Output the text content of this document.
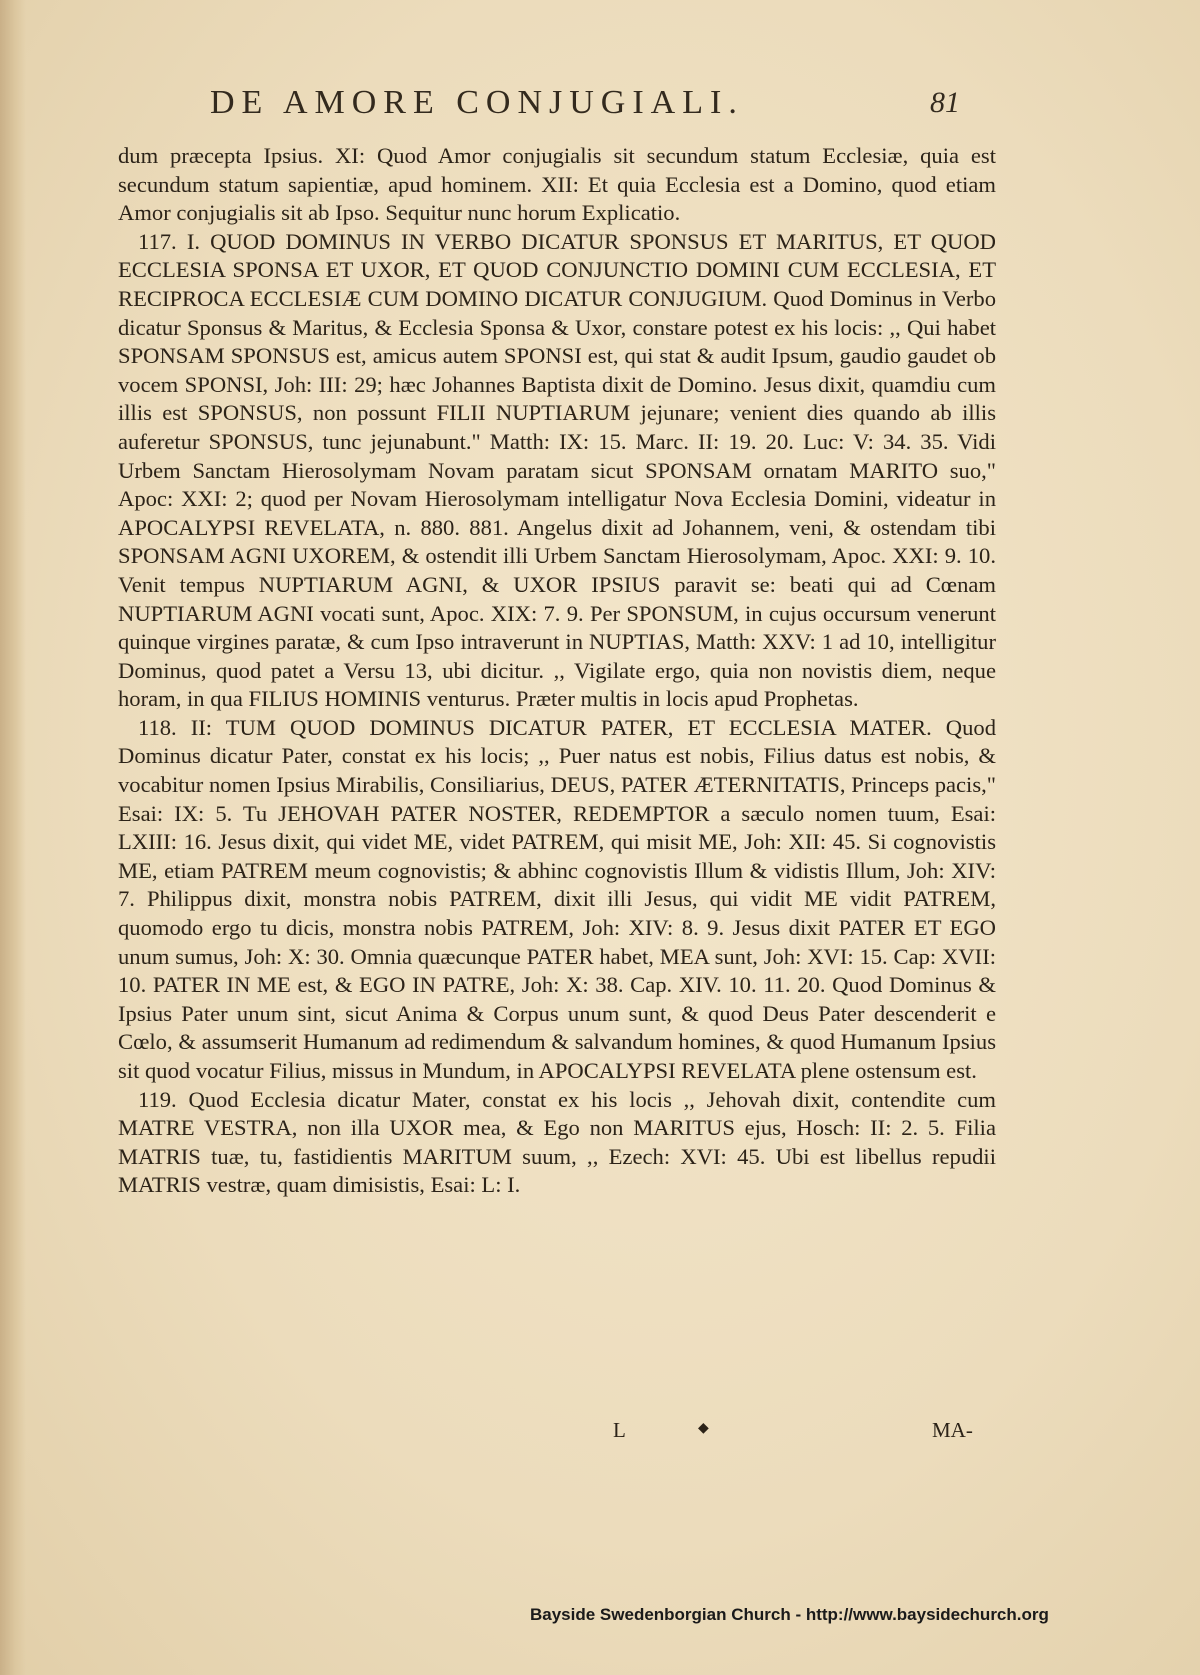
DE AMORE CONJUGIALI.	81

dum præcepta Ipsius. XI: Quod Amor conjugialis sit secundum statum Ecclesiæ, quia est secundum statum sapientiæ, apud hominem. XII: Et quia Ecclesia est a Domino, quod etiam Amor conjugialis sit ab Ipso. Sequitur nunc horum Explicatio.

117. I. QUOD DOMINUS IN VERBO DICATUR SPONSUS ET MARITUS, ET QUOD ECCLESIA SPONSA ET UXOR, ET QUOD CONJUNCTIO DOMINI CUM ECCLESIA, ET RECIPROCA ECCLESIÆ CUM DOMINO DICATUR CONJUGIUM. Quod Dominus in Verbo dicatur Sponsus & Maritus, & Ecclesia Sponsa & Uxor, constare potest ex his locis: ,, Qui habet SPONSAM SPONSUS est, amicus autem SPONSI est, qui stat & audit Ipsum, gaudio gaudet ob vocem SPONSI, Joh: III: 29; hæc Johannes Baptista dixit de Domino. Jesus dixit, quamdiu cum illis est SPONSUS, non possunt FILII NUPTIARUM jejunare; venient dies quando ab illis auferetur SPONSUS, tunc jejunabunt." Matth: IX: 15. Marc. II: 19. 20. Luc: V: 34. 35. Vidi Urbem Sanctam Hierosolymam Novam paratam sicut SPONSAM ornatam MARITO suo," Apoc: XXI: 2; quod per Novam Hierosolymam intelligatur Nova Ecclesia Domini, videatur in APOCALYPSI REVELATA, n. 880. 881. Angelus dixit ad Johannem, veni, & ostendam tibi SPONSAM AGNI UXOREM, & ostendit illi Urbem Sanctam Hierosolymam, Apoc. XXI: 9. 10. Venit tempus NUPTIARUM AGNI, & UXOR IPSIUS paravit se: beati qui ad Cœnam NUPTIARUM AGNI vocati sunt, Apoc. XIX: 7. 9. Per SPONSUM, in cujus occursum venerunt quinque virgines paratæ, & cum Ipso intraverunt in NUPTIAS, Matth: XXV: 1 ad 10, intelligitur Dominus, quod patet a Versu 13, ubi dicitur. ,, Vigilate ergo, quia non novistis diem, neque horam, in qua FILIUS HOMINIS venturus. Præter multis in locis apud Prophetas.

118. II: TUM QUOD DOMINUS DICATUR PATER, ET ECCLESIA MATER. Quod Dominus dicatur Pater, constat ex his locis; ,, Puer natus est nobis, Filius datus est nobis, & vocabitur nomen Ipsius Mirabilis, Consiliarius, DEUS, PATER ÆTERNITATIS, Princeps pacis," Esai: IX: 5. Tu JEHOVAH PATER NOSTER, REDEMPTOR a sæculo nomen tuum, Esai: LXIII: 16. Jesus dixit, qui videt ME, videt PATREM, qui misit ME, Joh: XII: 45. Si cognovistis ME, etiam PATREM meum cognovistis; & abhinc cognovistis Illum & vidistis Illum, Joh: XIV: 7. Philippus dixit, monstra nobis PATREM, dixit illi Jesus, qui vidit ME vidit PATREM, quomodo ergo tu dicis, monstra nobis PATREM, Joh: XIV: 8. 9. Jesus dixit PATER ET EGO unum sumus, Joh: X: 30. Omnia quæcunque PATER habet, MEA sunt, Joh: XVI: 15. Cap: XVII: 10. PATER IN ME est, & EGO IN PATRE, Joh: X: 38. Cap. XIV. 10. 11. 20. Quod Dominus & Ipsius Pater unum sint, sicut Anima & Corpus unum sunt, & quod Deus Pater descenderit e Cœlo, & assumserit Humanum ad redimendum & salvandum homines, & quod Humanum Ipsius sit quod vocatur Filius, missus in Mundum, in APOCALYPSI REVELATA plene ostensum est.

119. Quod Ecclesia dicatur Mater, constat ex his locis ,, Jehovah dixit, contendite cum MATRE VESTRA, non illa UXOR mea, & Ego non MARITUS ejus, Hosch: II: 2. 5. Filia MATRIS tuæ, tu, fastidientis MARITUM suum, ,, Ezech: XVI: 45. Ubi est libellus repudii MATRIS vestræ, quam dimisistis, Esai: L: I.

L	◆	MA-
Bayside Swedenborgian Church - http://www.baysidechurch.org
